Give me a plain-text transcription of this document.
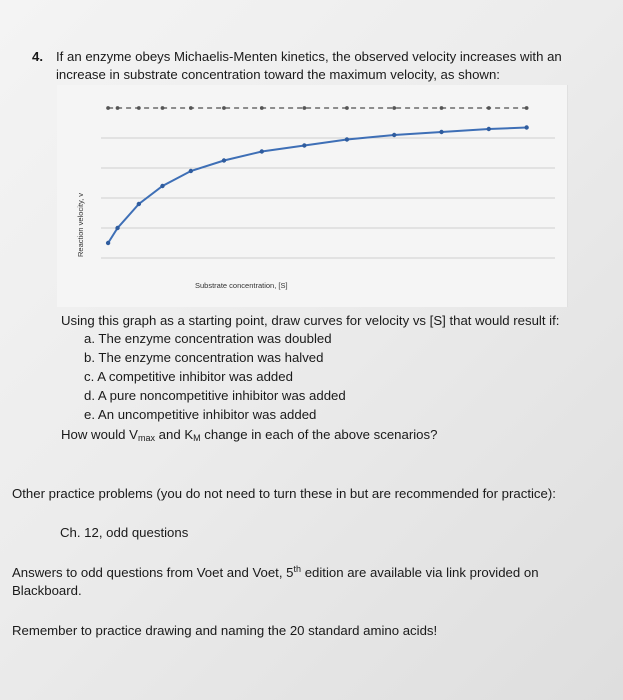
4. If an enzyme obeys Michaelis-Menten kinetics, the observed velocity increases with an
increase in substrate concentration toward the maximum velocity, as shown:
Reaction velocity, v
Substrate concentration, [S]
Using this graph as a starting point, draw curves for velocity vs [S] that would result if:
a. The enzyme concentration was doubled
b. The enzyme concentration was halved
c. A competitive inhibitor was added
d. A pure noncompetitive inhibitor was added
e. An uncompetitive inhibitor was added
How would $V_{max}$ and $K_M$ change in each of the above scenarios?
Other practice problems (you do not need to turn these in but are recommended for practice):
Ch. 12, odd questions
Answers to odd questions from Voet and Voet, 5th edition are available via link provided on
Blackboard.
Remember to practice drawing and naming the 20 standard amino acids!
